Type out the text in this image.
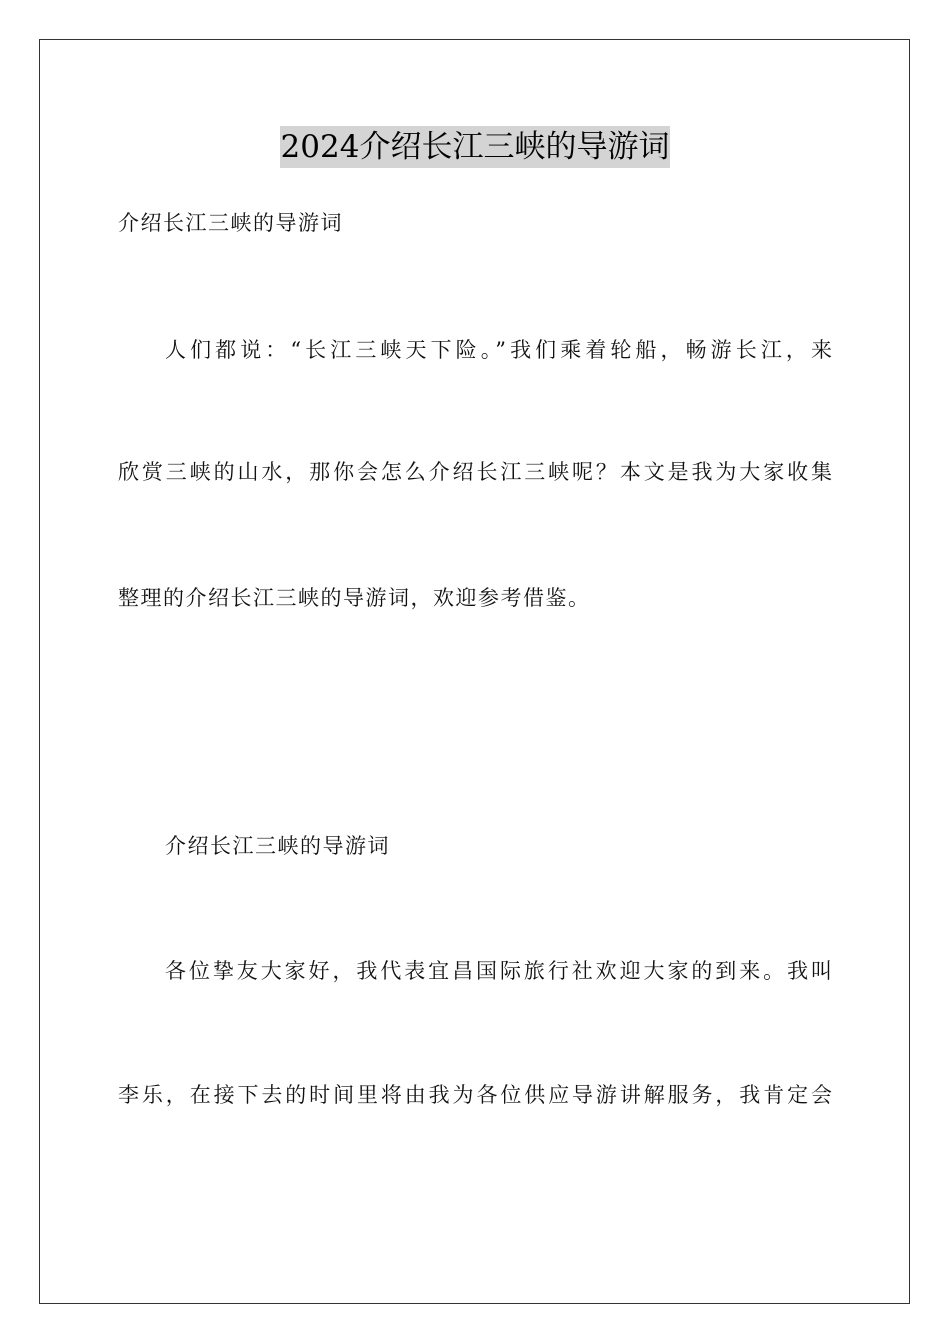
2024介绍长江三峡的导游词
介绍长江三峡的导游词
人们都说：“长江三峡天下险。”我们乘着轮船，畅游长江，来
欣赏三峡的山水，那你会怎么介绍长江三峡呢？本文是我为大家收集
整理的介绍长江三峡的导游词，欢迎参考借鉴。
介绍长江三峡的导游词
各位挚友大家好，我代表宜昌国际旅行社欢迎大家的到来。我叫
李乐，在接下去的时间里将由我为各位供应导游讲解服务，我肯定会
